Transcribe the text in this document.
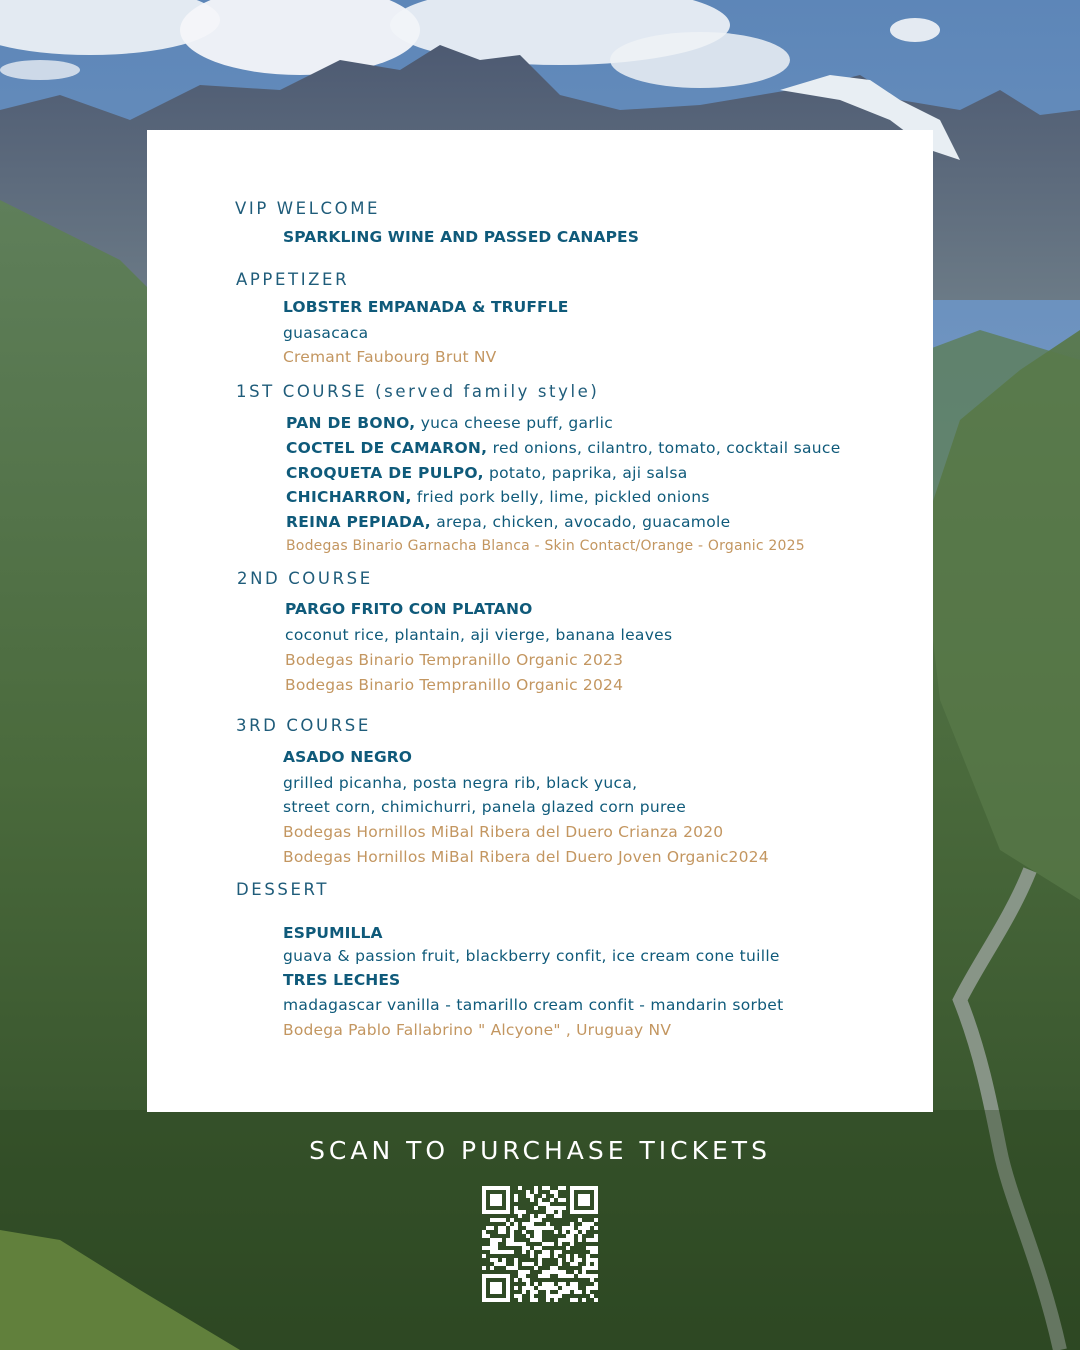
VIP WELCOME
SPARKLING WINE AND PASSED CANAPES
APPETIZER
LOBSTER EMPANADA & TRUFFLE
guasacaca
Cremant Faubourg Brut NV
1ST COURSE (served family style)
PAN DE BONO, yuca cheese puff, garlic
COCTEL DE CAMARON, red onions, cilantro, tomato, cocktail sauce
CROQUETA DE PULPO, potato, paprika, aji salsa
CHICHARRON, fried pork belly, lime, pickled onions
REINA PEPIADA, arepa, chicken, avocado, guacamole
Bodegas Binario Garnacha Blanca - Skin Contact/Orange - Organic 2025
2ND COURSE
PARGO FRITO CON PLATANO
coconut rice, plantain, aji vierge, banana leaves
Bodegas Binario Tempranillo Organic 2023
Bodegas Binario Tempranillo Organic 2024
3RD COURSE
ASADO NEGRO
grilled picanha, posta negra rib, black yuca,
street corn, chimichurri, panela glazed corn puree
Bodegas Hornillos MiBal Ribera del Duero Crianza 2020
Bodegas Hornillos MiBal Ribera del Duero Joven Organic2024
DESSERT
ESPUMILLA
guava & passion fruit, blackberry confit, ice cream cone tuille
TRES LECHES
madagascar vanilla - tamarillo cream confit - mandarin sorbet
Bodega Pablo Fallabrino " Alcyone" , Uruguay NV
SCAN TO PURCHASE TICKETS
